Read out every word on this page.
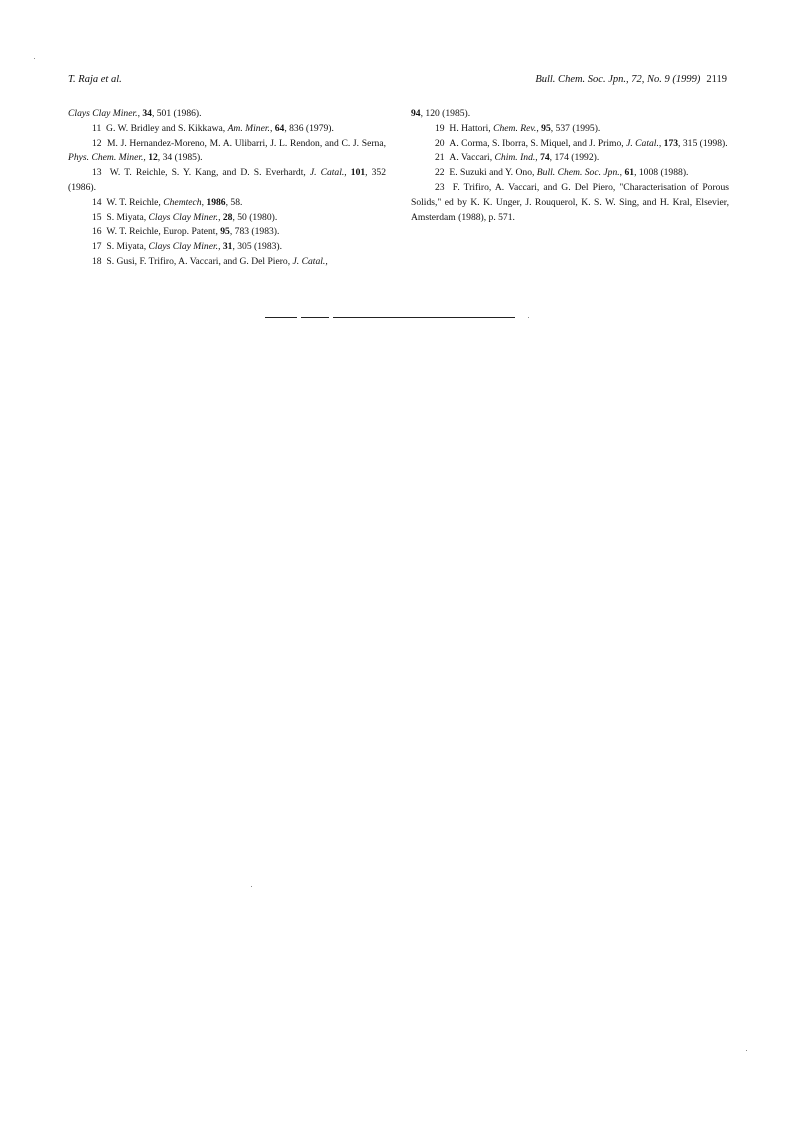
T. Raja et al.	Bull. Chem. Soc. Jpn., 72, No. 9 (1999) 2119

Clays Clay Miner., 34, 501 (1986).

11 G. W. Bridley and S. Kikkawa, Am. Miner., 64, 836 (1979).

12 M. J. Hernandez-Moreno, M. A. Ulibarri, J. L. Rendon, and C. J. Serna, Phys. Chem. Miner., 12, 34 (1985).

13 W. T. Reichle, S. Y. Kang, and D. S. Everhardt, J. Catal., 101, 352 (1986).

14 W. T. Reichle, Chemtech, 1986, 58.

15 S. Miyata, Clays Clay Miner., 28, 50 (1980).

16 W. T. Reichle, Europ. Patent, 95, 783 (1983).

17 S. Miyata, Clays Clay Miner., 31, 305 (1983).

18 S. Gusi, F. Trifiro, A. Vaccari, and G. Del Piero, J. Catal.,

94, 120 (1985).

19 H. Hattori, Chem. Rev., 95, 537 (1995).

20 A. Corma, S. Iborra, S. Miquel, and J. Primo, J. Catal., 173, 315 (1998).

21 A. Vaccari, Chim. Ind., 74, 174 (1992).

22 E. Suzuki and Y. Ono, Bull. Chem. Soc. Jpn., 61, 1008 (1988).

23 F. Trifiro, A. Vaccari, and G. Del Piero, "Characterisation of Porous Solids," ed by K. K. Unger, J. Rouquerol, K. S. W. Sing, and H. Kral, Elsevier, Amsterdam (1988), p. 571.
